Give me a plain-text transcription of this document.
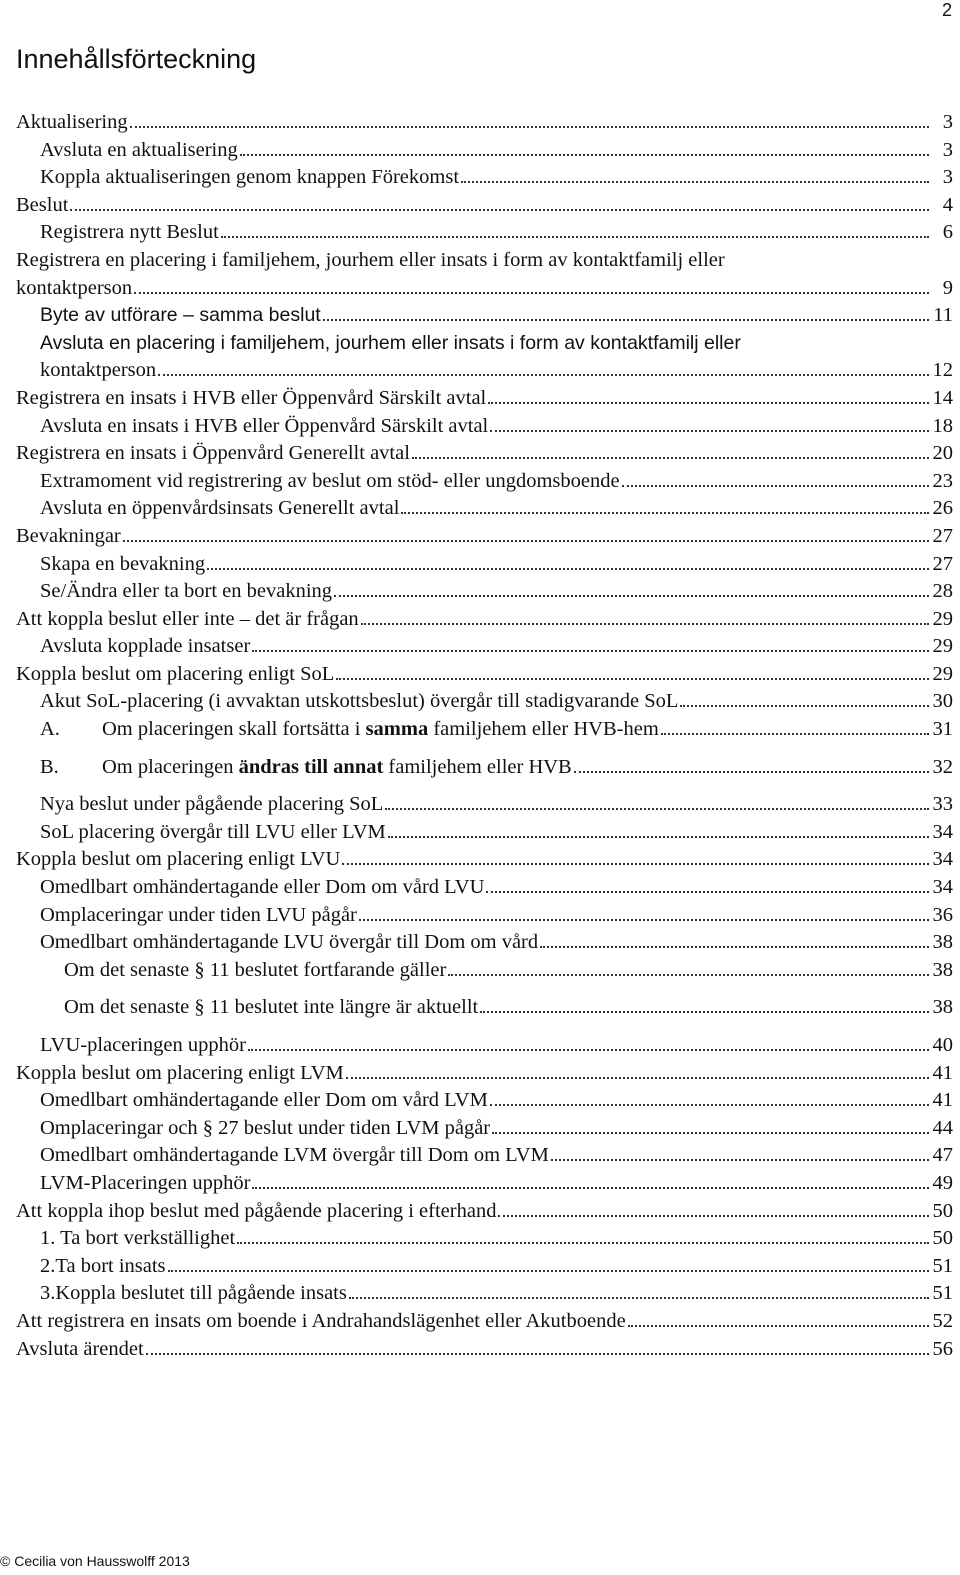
2
Innehållsförteckning
Aktualisering	3
Avsluta en aktualisering	3
Koppla aktualiseringen genom knappen Förekomst	3
Beslut	4
Registrera nytt Beslut	6
Registrera en placering i familjehem, jourhem eller insats i form av kontaktfamilj eller
kontaktperson	9
Byte av utförare – samma beslut	11
Avsluta en placering i familjehem, jourhem eller insats i form av kontaktfamilj eller
kontaktperson	12
Registrera en insats i HVB eller Öppenvård Särskilt avtal	14
Avsluta en insats i HVB eller Öppenvård Särskilt avtal	18
Registrera en insats i Öppenvård Generellt avtal	20
Extramoment vid registrering av beslut om stöd- eller ungdomsboende	23
Avsluta en öppenvårdsinsats Generellt avtal	26
Bevakningar	27
Skapa en bevakning	27
Se/Ändra eller ta bort en bevakning	28
Att koppla beslut eller inte – det är frågan	29
Avsluta kopplade insatser	29
Koppla beslut om placering enligt SoL	29
Akut SoL-placering (i avvaktan utskottsbeslut) övergår till stadigvarande SoL	30
A. Om placeringen skall fortsätta i samma familjehem eller HVB-hem	31
B. Om placeringen ändras till annat familjehem eller HVB	32
Nya beslut under pågående placering SoL	33
SoL placering övergår till LVU eller LVM	34
Koppla beslut om placering enligt LVU	34
Omedlbart omhändertagande eller Dom om vård LVU	34
Omplaceringar under tiden LVU pågår	36
Omedlbart omhändertagande LVU övergår till Dom om vård	38
Om det senaste § 11 beslutet fortfarande gäller	38
Om det senaste § 11 beslutet inte längre är aktuellt	38
LVU-placeringen upphör	40
Koppla beslut om placering enligt LVM	41
Omedlbart omhändertagande eller Dom om vård LVM	41
Omplaceringar och § 27 beslut under tiden LVM pågår	44
Omedlbart omhändertagande LVM övergår till Dom om LVM	47
LVM-Placeringen upphör	49
Att koppla ihop beslut med pågående placering i efterhand	50
1. Ta bort verkställighet	50
2.Ta bort insats	51
3.Koppla beslutet till pågående insats	51
Att registrera en insats om boende i Andrahandslägenhet eller Akutboende	52
Avsluta ärendet	56
© Cecilia von Hausswolff 2013
